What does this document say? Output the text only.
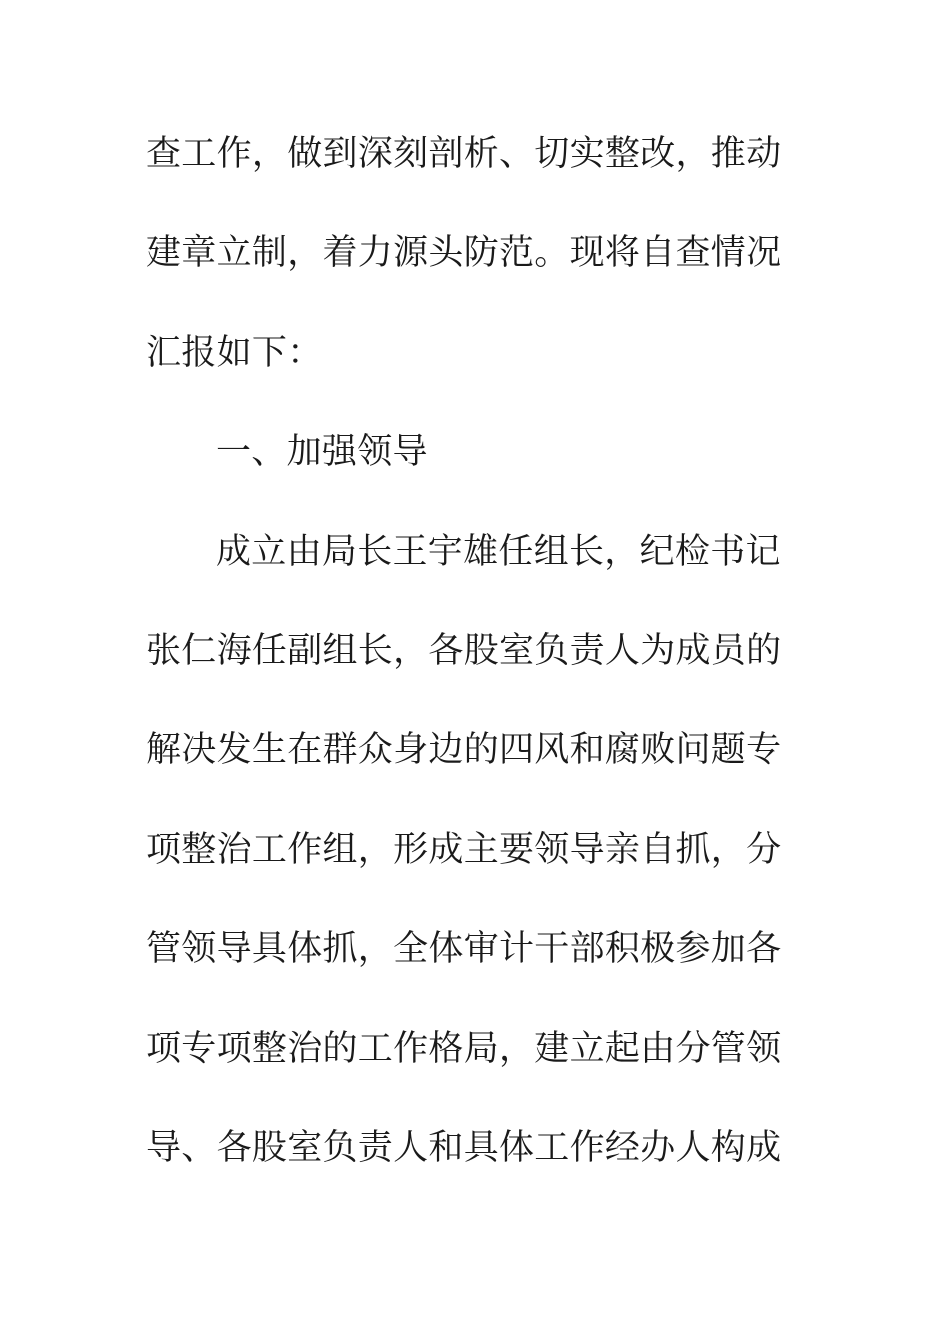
查工作，做到深刻剖析、切实整改，推动
建章立制，着力源头防范。现将自查情况
汇报如下：
一、加强领导
成立由局长王宇雄任组长，纪检书记
张仁海任副组长，各股室负责人为成员的
解决发生在群众身边的四风和腐败问题专
项整治工作组，形成主要领导亲自抓，分
管领导具体抓，全体审计干部积极参加各
项专项整治的工作格局，建立起由分管领
导、各股室负责人和具体工作经办人构成
